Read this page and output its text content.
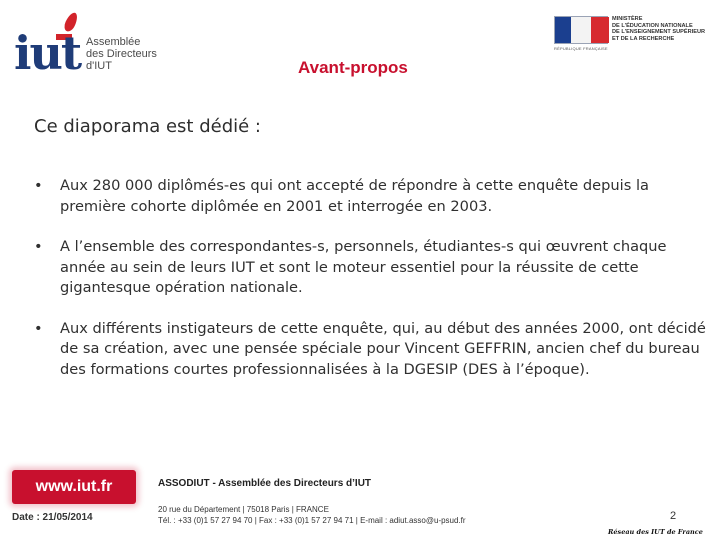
iut Assemblée
des Directeurs
d'IUT
RÉPUBLIQUE FRANÇAISE
MINISTÈRE
DE L'ÉDUCATION NATIONALE
DE L'ENSEIGNEMENT SUPÉRIEUR
ET DE LA RECHERCHE
Avant-propos
Ce diaporama est dédié :
•	Aux 280 000 diplômés-es qui ont accepté de répondre à cette enquête depuis la première cohorte diplômée en 2001 et interrogée en 2003.
•	A l’ensemble des correspondantes-s, personnels, étudiantes-s qui œuvrent chaque année au sein de leurs IUT et sont le moteur essentiel pour la réussite de cette gigantesque opération nationale.
•	Aux différents instigateurs de cette enquête, qui, au début des années 2000, ont décidé de sa création, avec une pensée spéciale pour Vincent GEFFRIN, ancien chef du bureau des formations courtes professionnalisées à la DGESIP (DES à l’époque).
www.iut.fr
Date : 21/05/2014
ASSODIUT - Assemblée des Directeurs d’IUT
20 rue du Département | 75018 Paris | FRANCE
Tél. : +33 (0)1 57 27 94 70 | Fax : +33 (0)1 57 27 94 71 | E-mail : adiut.asso@u-psud.fr	2
Réseau des IUT de France
